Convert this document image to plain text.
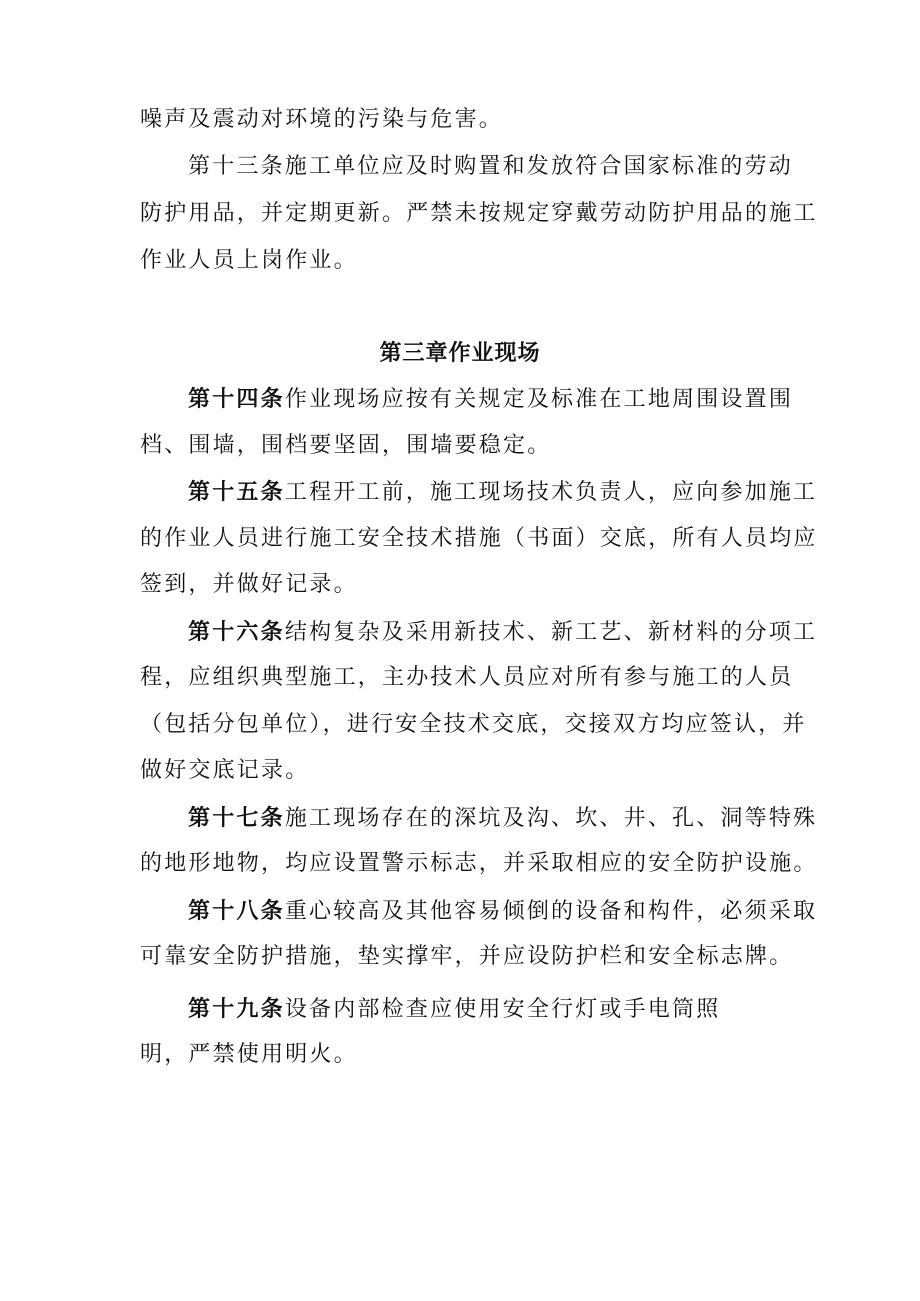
噪声及震动对环境的污染与危害。
第十三条施工单位应及时购置和发放符合国家标准的劳动
防护用品，并定期更新。严禁未按规定穿戴劳动防护用品的施工
作业人员上岗作业。
第三章作业现场
第十四条作业现场应按有关规定及标准在工地周围设置围
档、围墙，围档要坚固，围墙要稳定。
第十五条工程开工前，施工现场技术负责人，应向参加施工
的作业人员进行施工安全技术措施（书面）交底，所有人员均应
签到，并做好记录。
第十六条结构复杂及采用新技术、新工艺、新材料的分项工
程，应组织典型施工，主办技术人员应对所有参与施工的人员
（包括分包单位），进行安全技术交底，交接双方均应签认，并
做好交底记录。
第十七条施工现场存在的深坑及沟、坎、井、孔、洞等特殊
的地形地物，均应设置警示标志，并采取相应的安全防护设施。
第十八条重心较高及其他容易倾倒的设备和构件，必须采取
可靠安全防护措施，垫实撑牢，并应设防护栏和安全标志牌。
第十九条设备内部检查应使用安全行灯或手电筒照
明，严禁使用明火。
